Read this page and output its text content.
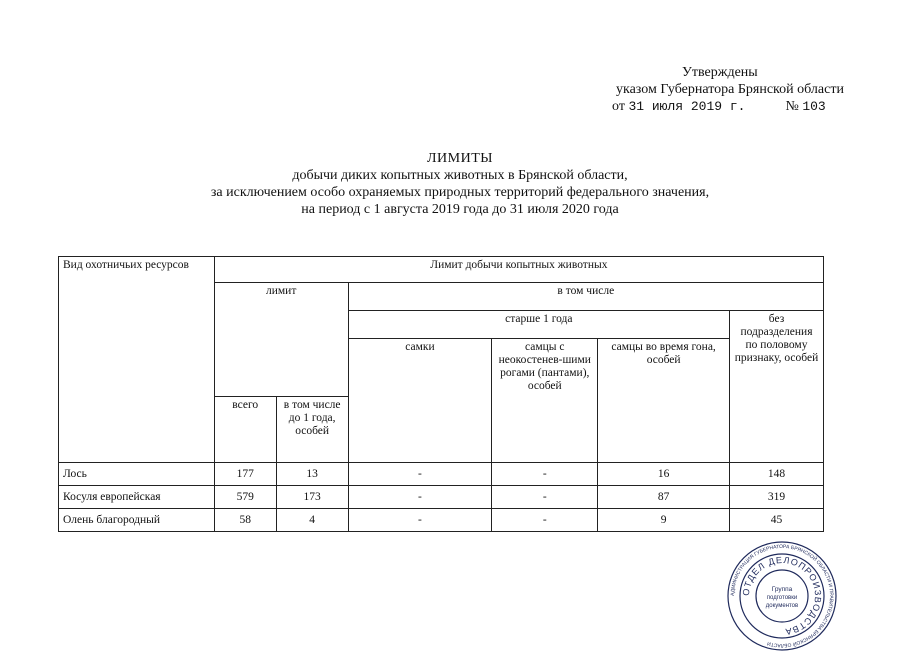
Утверждены
указом Губернатора Брянской области
от
31 июля 2019 г.	№
103
ЛИМИТЫ
добычи диких копытных животных в Брянской области,
за исключением особо охраняемых природных территорий федерального значения,
на период с 1 августа 2019 года до 31 июля 2020 года
Вид охотничьих ресурсов	Лимит добычи копытных животных					
	лимит		в том числе			
			старше 1 года			без подразделения по половому признаку, особей
			самки	самцы с неокостенев-шими рогами (пантами), особей	самцы во время гона, особей	
	всего	в том числе до 1 года, особей				
Лось	177	13	-	-	16	148
Косуля европейская	579	173	-	-	87	319
Олень благородный	58	4	-	-	9	45
АДМИНИСТРАЦИЯ ГУБЕРНАТОРА БРЯНСКОЙ ОБЛАСТИ И ПРАВИТЕЛЬСТВА БРЯНСКОЙ ОБЛАСТИ
ОТДЕЛ ДЕЛОПРОИЗВОДСТВА
Группа
подготовки
документов
